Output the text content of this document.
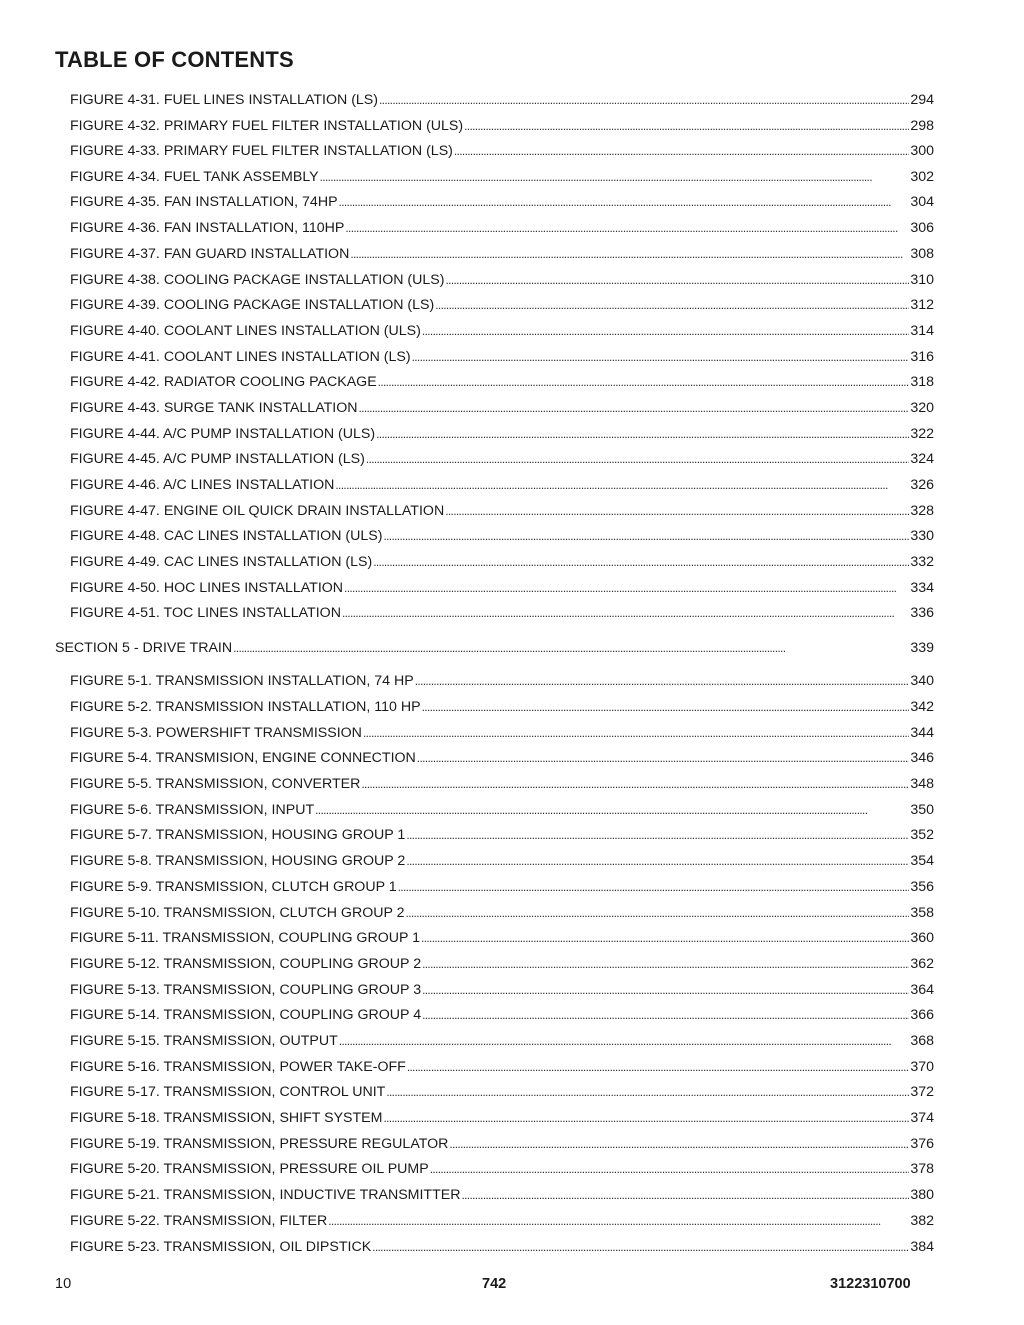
TABLE OF CONTENTS
FIGURE 4-31. FUEL LINES INSTALLATION (LS) . . .	294
FIGURE 4-32. PRIMARY FUEL FILTER INSTALLATION (ULS) . . .	298
FIGURE 4-33. PRIMARY FUEL FILTER INSTALLATION (LS) . . .	300
FIGURE 4-34. FUEL TANK ASSEMBLY . . .	302
FIGURE 4-35. FAN INSTALLATION, 74HP . . .	304
FIGURE 4-36. FAN INSTALLATION, 110HP . . .	306
FIGURE 4-37. FAN GUARD INSTALLATION . . .	308
FIGURE 4-38. COOLING PACKAGE INSTALLATION (ULS) . . .	310
FIGURE 4-39. COOLING PACKAGE INSTALLATION (LS) . . .	312
FIGURE 4-40. COOLANT LINES INSTALLATION (ULS) . . .	314
FIGURE 4-41. COOLANT LINES INSTALLATION (LS) . . .	316
FIGURE 4-42. RADIATOR COOLING PACKAGE . . .	318
FIGURE 4-43. SURGE TANK INSTALLATION . . .	320
FIGURE 4-44. A/C PUMP INSTALLATION (ULS) . . .	322
FIGURE 4-45. A/C PUMP INSTALLATION (LS) . . .	324
FIGURE 4-46. A/C LINES INSTALLATION . . .	326
FIGURE 4-47. ENGINE OIL QUICK DRAIN INSTALLATION . . .	328
FIGURE 4-48. CAC LINES INSTALLATION (ULS) . . .	330
FIGURE 4-49. CAC LINES INSTALLATION (LS) . . .	332
FIGURE 4-50. HOC LINES INSTALLATION . . .	334
FIGURE 4-51. TOC LINES INSTALLATION . . .	336
SECTION 5 - DRIVE TRAIN . . .	339
FIGURE 5-1. TRANSMISSION INSTALLATION, 74 HP . . .	340
FIGURE 5-2. TRANSMISSION INSTALLATION, 110 HP . . .	342
FIGURE 5-3. POWERSHIFT TRANSMISSION . . .	344
FIGURE 5-4. TRANSMISION, ENGINE CONNECTION . . .	346
FIGURE 5-5. TRANSMISSION, CONVERTER . . .	348
FIGURE 5-6. TRANSMISSION, INPUT . . .	350
FIGURE 5-7. TRANSMISSION, HOUSING GROUP 1 . . .	352
FIGURE 5-8. TRANSMISSION, HOUSING GROUP 2 . . .	354
FIGURE 5-9. TRANSMISSION, CLUTCH GROUP 1 . . .	356
FIGURE 5-10. TRANSMISSION, CLUTCH GROUP 2 . . .	358
FIGURE 5-11. TRANSMISSION, COUPLING GROUP 1 . . .	360
FIGURE 5-12. TRANSMISSION, COUPLING GROUP 2 . . .	362
FIGURE 5-13. TRANSMISSION, COUPLING GROUP 3 . . .	364
FIGURE 5-14. TRANSMISSION, COUPLING GROUP 4 . . .	366
FIGURE 5-15. TRANSMISSION, OUTPUT . . .	368
FIGURE 5-16. TRANSMISSION, POWER TAKE-OFF . . .	370
FIGURE 5-17. TRANSMISSION, CONTROL UNIT . . .	372
FIGURE 5-18. TRANSMISSION, SHIFT SYSTEM . . .	374
FIGURE 5-19. TRANSMISSION, PRESSURE REGULATOR . . .	376
FIGURE 5-20. TRANSMISSION, PRESSURE OIL PUMP . . .	378
FIGURE 5-21. TRANSMISSION, INDUCTIVE TRANSMITTER . . .	380
FIGURE 5-22. TRANSMISSION, FILTER . . .	382
FIGURE 5-23. TRANSMISSION, OIL DIPSTICK . . .	384
10	742	3122310700
